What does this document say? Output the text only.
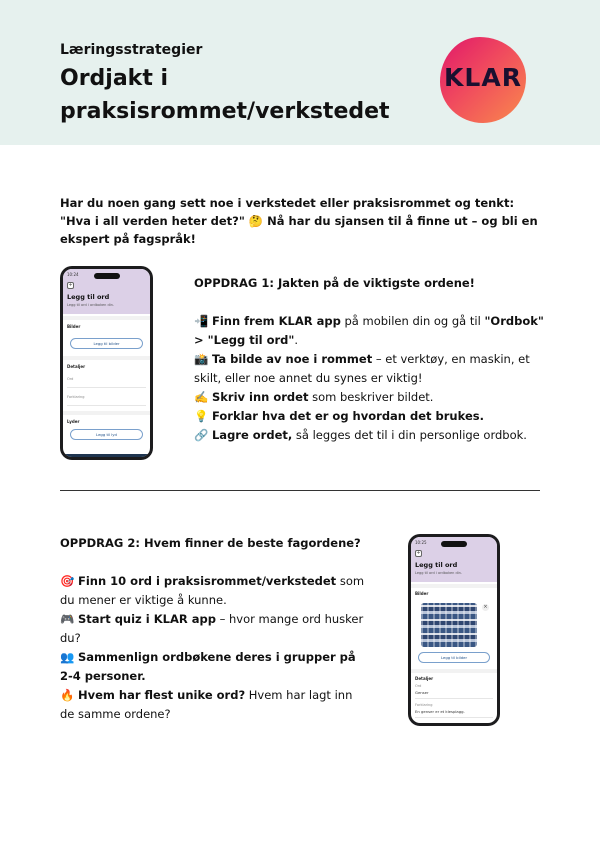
Læringsstrategier
Ordjakt i praksisrommet/verkstedet
KLAR
Har du noen gang sett noe i verkstedet eller praksisrommet og tenkt: "Hva i all verden heter det?" 🤔 Nå har du sjansen til å finne ut – og bli en ekspert på fagspråk!
10:24
+
Legg til ord
Legg til ord i ordboken din.
Bilder
Legg til bilder
Detaljer
Ord
Forklaring
Lyder
Legg til lyd
OPPDRAG 1: Jakten på de viktigste ordene!
📲 Finn frem KLAR app på mobilen din og gå til "Ordbok" > "Legg til ord".
📸 Ta bilde av noe i rommet – et verktøy, en maskin, et skilt, eller noe annet du synes er viktig!
✍️ Skriv inn ordet som beskriver bildet.
💡 Forklar hva det er og hvordan det brukes.
🔗 Lagre ordet, så legges det til i din personlige ordbok.
OPPDRAG 2: Hvem finner de beste fagordene?
🎯 Finn 10 ord i praksisrommet/verkstedet som du mener er viktige å kunne.
🎮 Start quiz i KLAR app – hvor mange ord husker du?
👥 Sammenlign ordbøkene deres i grupper på 2-4 personer.
🔥 Hvem har flest unike ord? Hvem har lagt inn de samme ordene?
10:25
+
Legg til ord
Legg til ord i ordboken din.
Bilder
×
Legg til bilder
Detaljer
Ord
Genser
Forklaring
En genser er et klesplagg.
